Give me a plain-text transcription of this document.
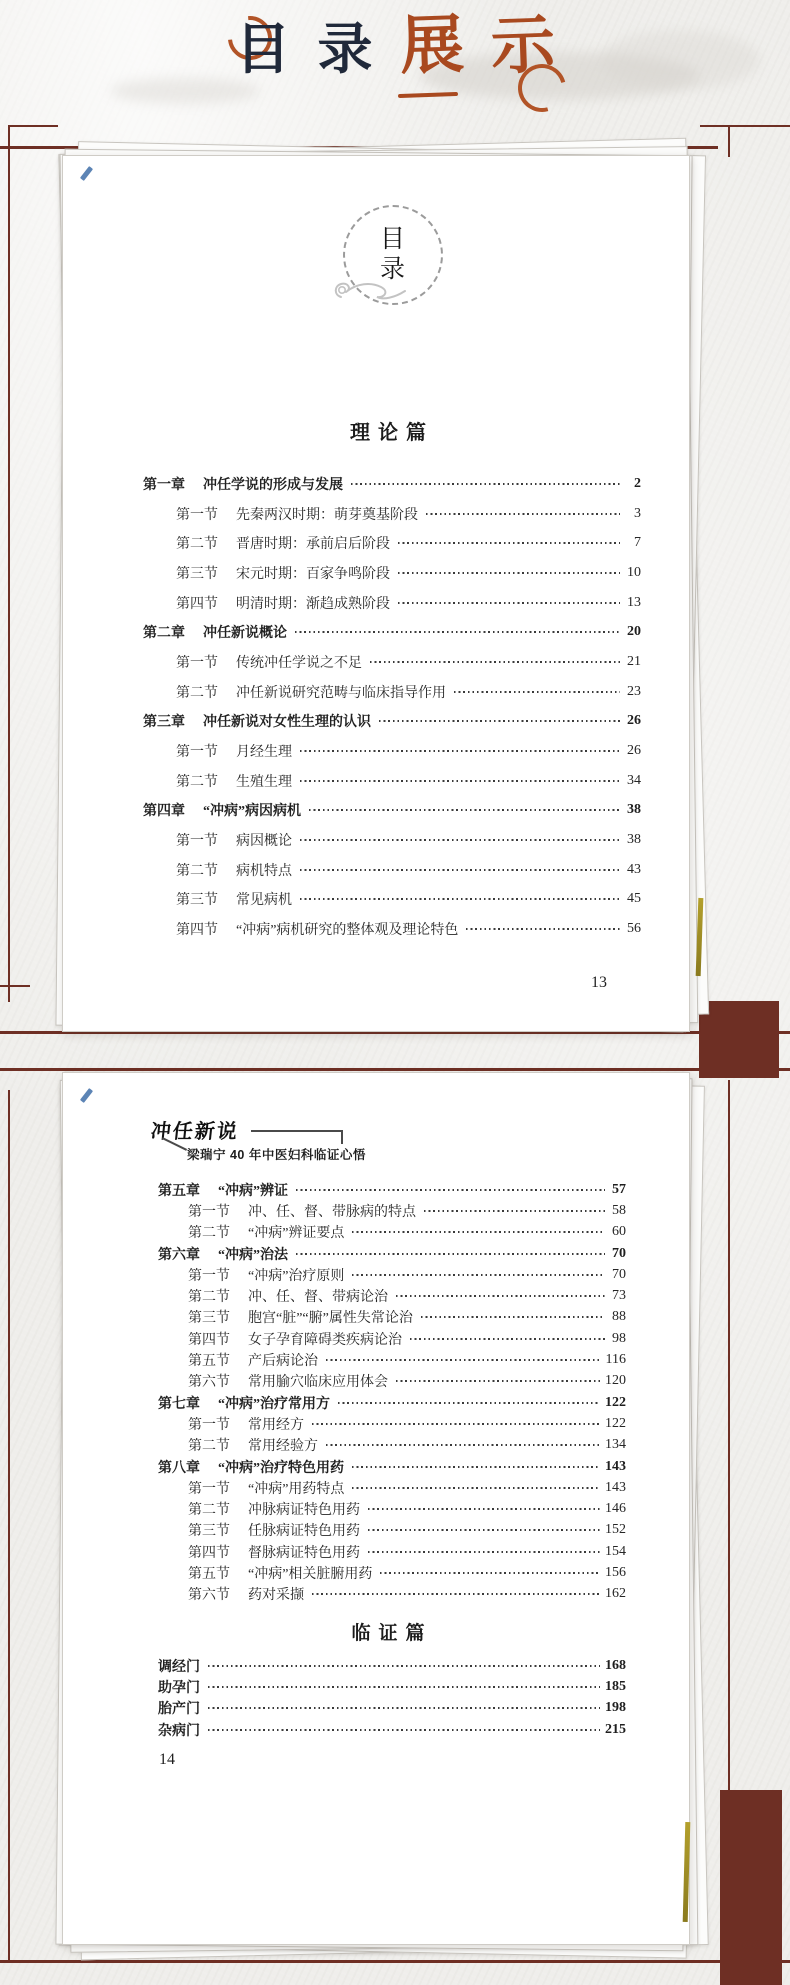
目 录 展 示
目
录
理论篇
第一章 冲任学说的形成与发展	2
第一节 先秦两汉时期：萌芽奠基阶段	3
第二节 晋唐时期：承前启后阶段	7
第三节 宋元时期：百家争鸣阶段	10
第四节 明清时期：渐趋成熟阶段	13
第二章 冲任新说概论	20
第一节 传统冲任学说之不足	21
第二节 冲任新说研究范畴与临床指导作用	23
第三章 冲任新说对女性生理的认识	26
第一节 月经生理	26
第二节 生殖生理	34
第四章 “冲病”病因病机	38
第一节 病因概论	38
第二节 病机特点	43
第三节 常见病机	45
第四节 “冲病”病机研究的整体观及理论特色	56
13
冲任新说
梁瑞宁 40 年中医妇科临证心悟
第五章 “冲病”辨证	57
第一节 冲、任、督、带脉病的特点	58
第二节 “冲病”辨证要点	60
第六章 “冲病”治法	70
第一节 “冲病”治疗原则	70
第二节 冲、任、督、带病论治	73
第三节 胞宫“脏”“腑”属性失常论治	88
第四节 女子孕育障碍类疾病论治	98
第五节 产后病论治	116
第六节 常用腧穴临床应用体会	120
第七章 “冲病”治疗常用方	122
第一节 常用经方	122
第二节 常用经验方	134
第八章 “冲病”治疗特色用药	143
第一节 “冲病”用药特点	143
第二节 冲脉病证特色用药	146
第三节 任脉病证特色用药	152
第四节 督脉病证特色用药	154
第五节 “冲病”相关脏腑用药	156
第六节 药对采撷	162
临证篇
调经门	168
助孕门	185
胎产门	198
杂病门	215
14
